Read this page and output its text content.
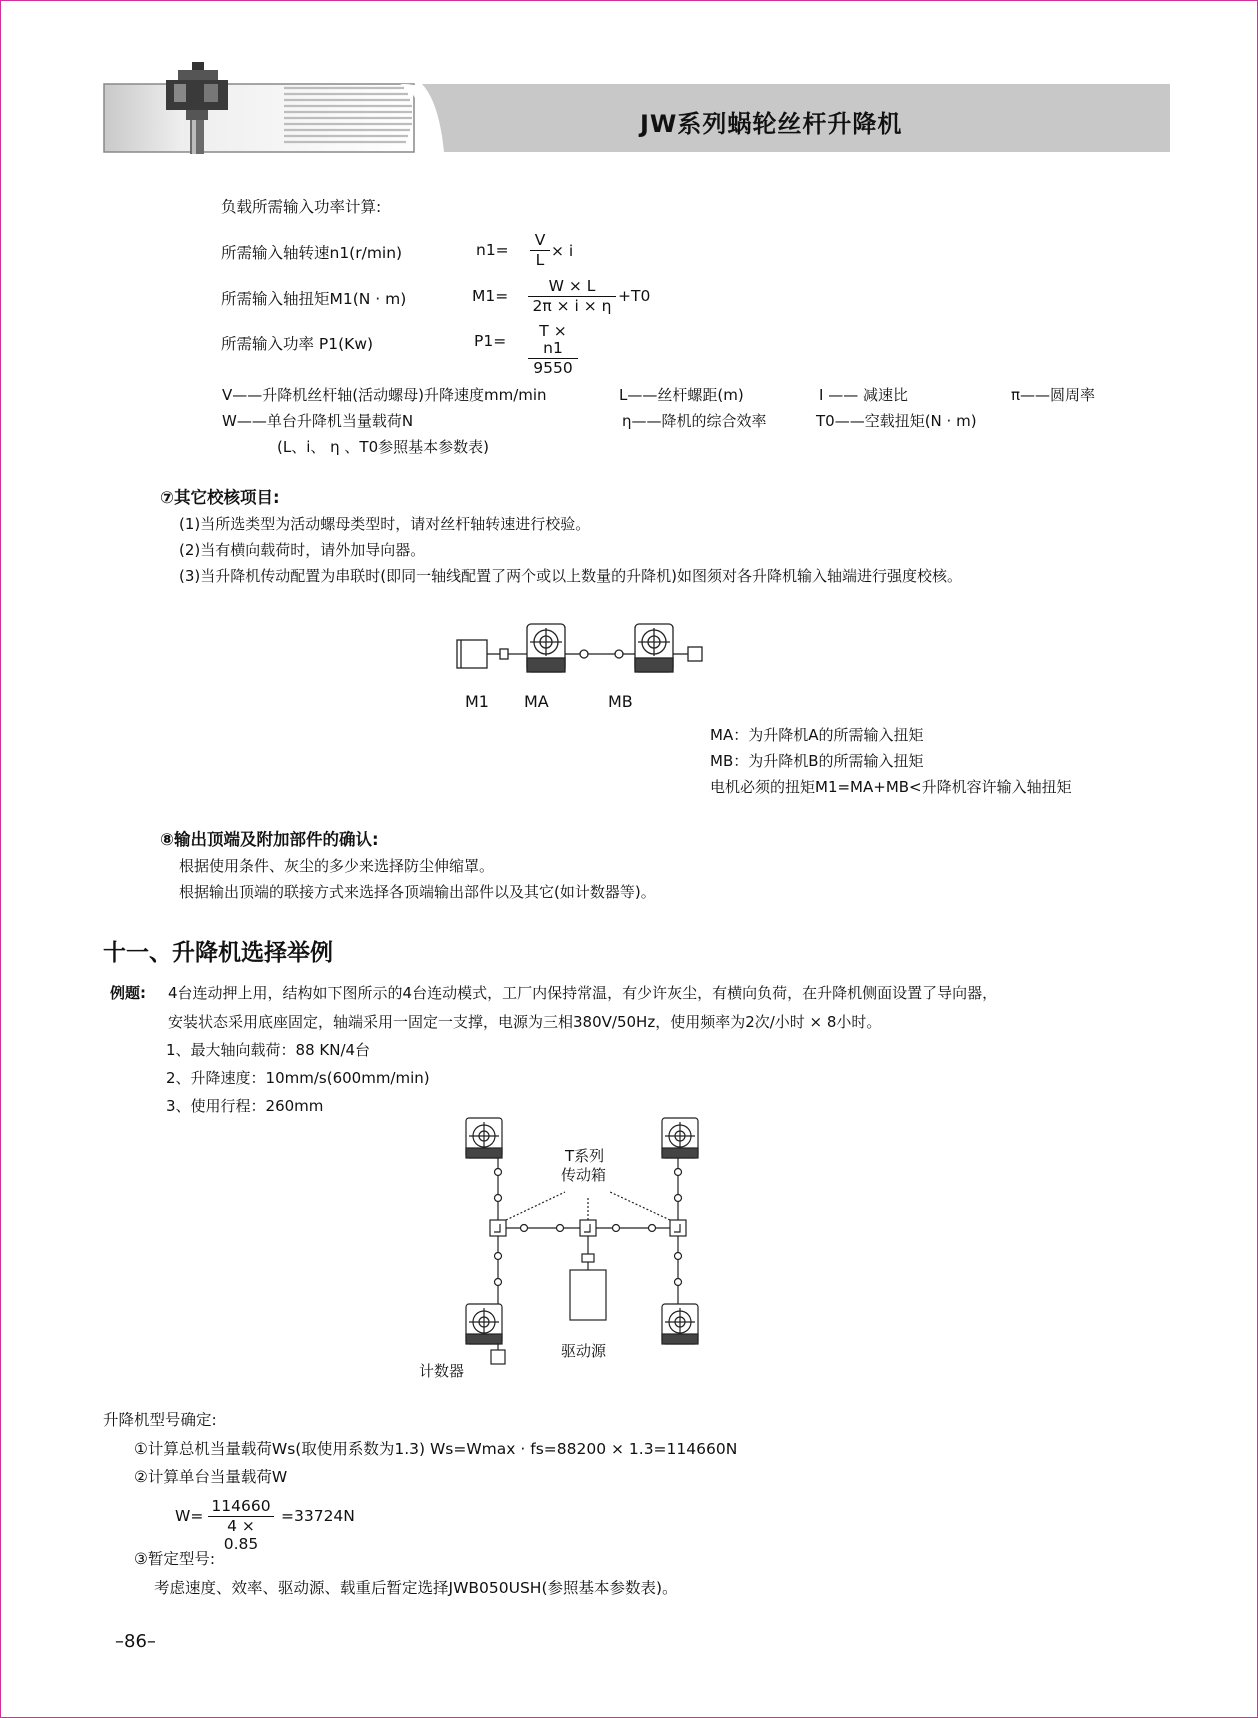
JW系列蜗轮丝杆升降机
负载所需输入功率计算:
所需输入轴转速n1(r/min)	$n1= \frac{V}{L} \times i$
所需输入轴扭矩M1(N · m)	$M1= \frac{W \times L}{2\pi \times i \times \eta} +T0$
所需输入功率 P1(Kw)	$P1= \frac{T \times n1}{9550}$
V——升降机丝杆轴(活动螺母)升降速度mm/min	L——丝杆螺距(m)	I —— 减速比	π——圆周率
W——单台升降机当量载荷N	η——降机的综合效率	T0——空载扭矩(N · m)
(L、i、 η 、T0参照基本参数表)
⑦其它校核项目:
(1)当所选类型为活动螺母类型时，请对丝杆轴转速进行校验。
(2)当有横向载荷时，请外加导向器。
(3)当升降机传动配置为串联时(即同一轴线配置了两个或以上数量的升降机)如图须对各升降机输入轴端进行强度校核。
M1 MA	MB
MA：为升降机A的所需输入扭矩
MB：为升降机B的所需输入扭矩
电机必须的扭矩M1=MA+MB<升降机容许输入轴扭矩
⑧输出顶端及附加部件的确认:
根据使用条件、灰尘的多少来选择防尘伸缩罩。
根据输出顶端的联接方式来选择各顶端输出部件以及其它(如计数器等)。
十一、升降机选择举例
例题: 4台连动押上用，结构如下图所示的4台连动模式，工厂内保持常温，有少许灰尘，有横向负荷，在升降机侧面设置了导向器，
安装状态采用底座固定，轴端采用一固定一支撑，电源为三相380V/50Hz，使用频率为2次/小时 × 8小时。
1、最大轴向载荷：88 KN/4台
2、升降速度：10mm/s(600mm/min)
3、使用行程：260mm
T系列
传动箱
驱动源
计数器
升降机型号确定:
①计算总机当量载荷Ws(取使用系数为1.3) Ws=Wmax · fs=88200 × 1.3=114660N
②计算单台当量载荷W
$W= \frac{114660}{4 \times 0.85} =33724N$
③暂定型号:
考虑速度、效率、驱动源、载重后暂定选择JWB050USH(参照基本参数表)。
–86–
